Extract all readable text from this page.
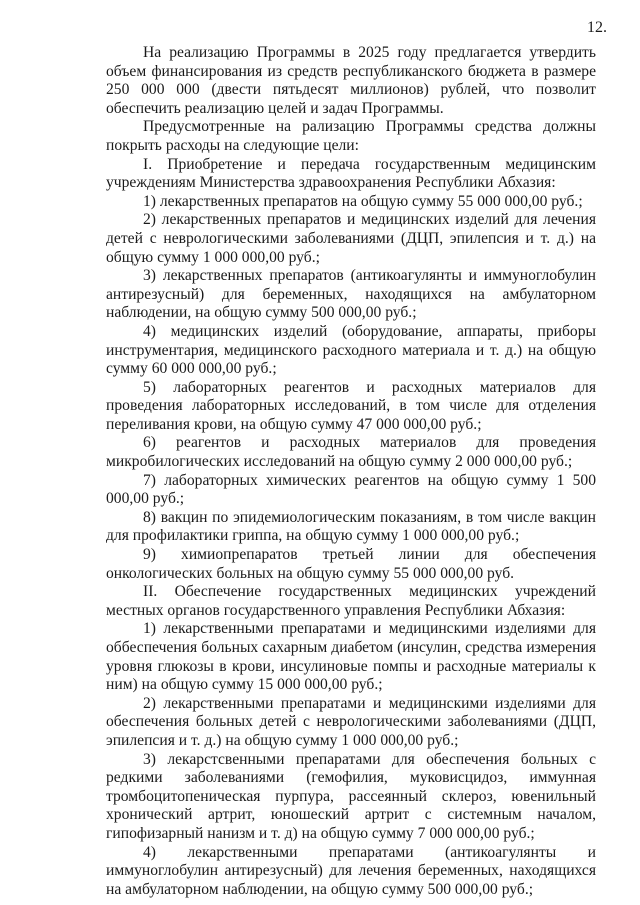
12.

На реализацию Программы в 2025 году предлагается утвердить объем финансирования из средств республиканского бюджета в размере 250 000 000 (двести пятьдесят миллионов) рублей, что позволит обеспечить реализацию целей и задач Программы.

Предусмотренные на рализацию Программы средства должны покрыть расходы на следующие цели:

I. Приобретение и передача государственным медицинским учреждениям Министерства здравоохранения Республики Абхазия:

1) лекарственных препаратов на общую сумму 55 000 000,00 руб.;

2) лекарственных препаратов и медицинских изделий для лечения детей с неврологическими заболеваниями (ДЦП, эпилепсия и т. д.) на общую сумму 1 000 000,00 руб.;

3) лекарственных препаратов (антикоагулянты и иммуноглобулин антирезусный) для беременных, находящихся на амбулаторном наблюдении, на общую сумму 500 000,00 руб.;

4) медицинских изделий (оборудование, аппараты, приборы инструментария, медицинского расходного материала и т. д.) на общую сумму 60 000 000,00 руб.;

5) лабораторных реагентов и расходных материалов для проведения лабораторных исследований, в том числе для отделения переливания крови, на общую сумму 47 000 000,00 руб.;

6) реагентов и расходных материалов для проведения микробилогических исследований на общую сумму 2 000 000,00 руб.;

7) лабораторных химических реагентов на общую сумму 1 500 000,00 руб.;

8) вакцин по эпидемиологическим показаниям, в том числе вакцин для профилактики гриппа, на общую сумму 1 000 000,00 руб.;

9) химиопрепаратов третьей линии для обеспечения онкологических больных на общую сумму 55 000 000,00 руб.

II. Обеспечение государственных медицинских учреждений местных органов государственного управления Республики Абхазия:

1) лекарственными препаратами и медицинскими изделиями для оббеспечения больных сахарным диабетом (инсулин, средства измерения уровня глюкозы в крови, инсулиновые помпы и расходные материалы к ним) на общую сумму 15 000 000,00 руб.;

2) лекарственными препаратами и медицинскими изделиями для обеспечения больных детей с неврологическими заболеваниями (ДЦП, эпилепсия и т. д.) на общую сумму 1 000 000,00 руб.;

3) лекарстсвенными препаратами для обеспечения больных с редкими заболеваниями (гемофилия, муковисцидоз, иммунная тромбоцитопеническая пурпура, рассеянный склероз, ювенильный хронический артрит, юношеский артрит с системным началом, гипофизарный нанизм и т. д) на общую сумму 7 000 000,00 руб.;

4) лекарственными препаратами (антикоагулянты и иммуноглобулин антирезусный) для лечения беременных, находящихся на амбулаторном наблюдении, на общую сумму 500 000,00 руб.;
